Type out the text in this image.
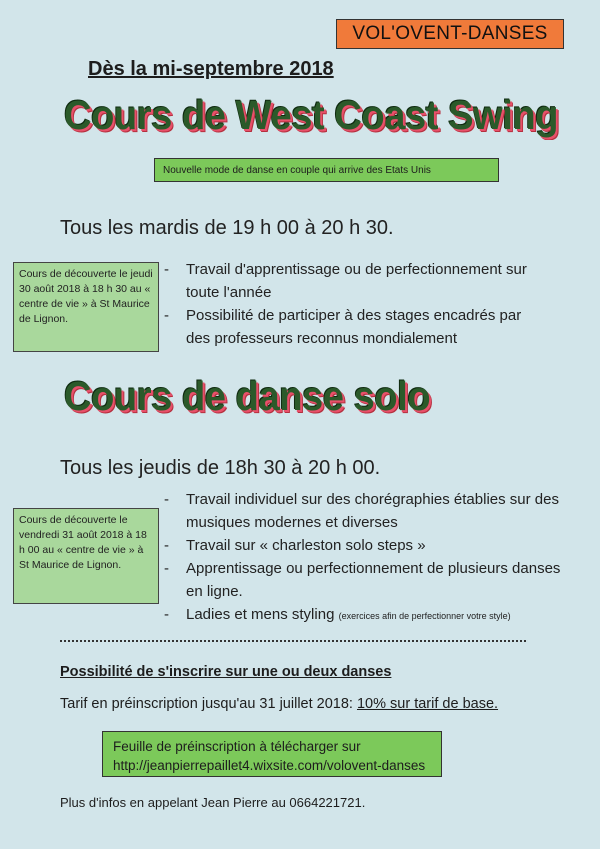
VOL'OVENT-DANSES
Dès la mi-septembre 2018
Cours de West Coast Swing
Nouvelle mode de danse en couple qui arrive des Etats Unis
Tous les mardis de 19 h 00 à 20 h 30.
Cours de découverte le jeudi 30 août 2018 à 18 h 30 au « centre de vie » à St Maurice de Lignon.
- Travail d'apprentissage ou de perfectionnement sur toute l'année
- Possibilité de participer à des stages encadrés par des professeurs reconnus mondialement
Cours de danse solo
Tous les jeudis de 18h 30 à 20 h 00.
Cours de découverte le vendredi 31 août 2018 à 18 h 00 au « centre de vie » à St Maurice de Lignon.
- Travail individuel sur des chorégraphies établies sur des musiques modernes et diverses
- Travail sur « charleston solo steps »
- Apprentissage ou perfectionnement de plusieurs danses en ligne.
- Ladies et mens styling (exercices afin de perfectionner votre style)
Possibilité de s'inscrire sur une ou deux danses
Tarif en préinscription jusqu'au 31 juillet 2018: 10% sur tarif de base.
Feuille de préinscription à télécharger sur
http://jeanpierrepaillet4.wixsite.com/volovent-danses
Plus d'infos en appelant Jean Pierre au 0664221721.
